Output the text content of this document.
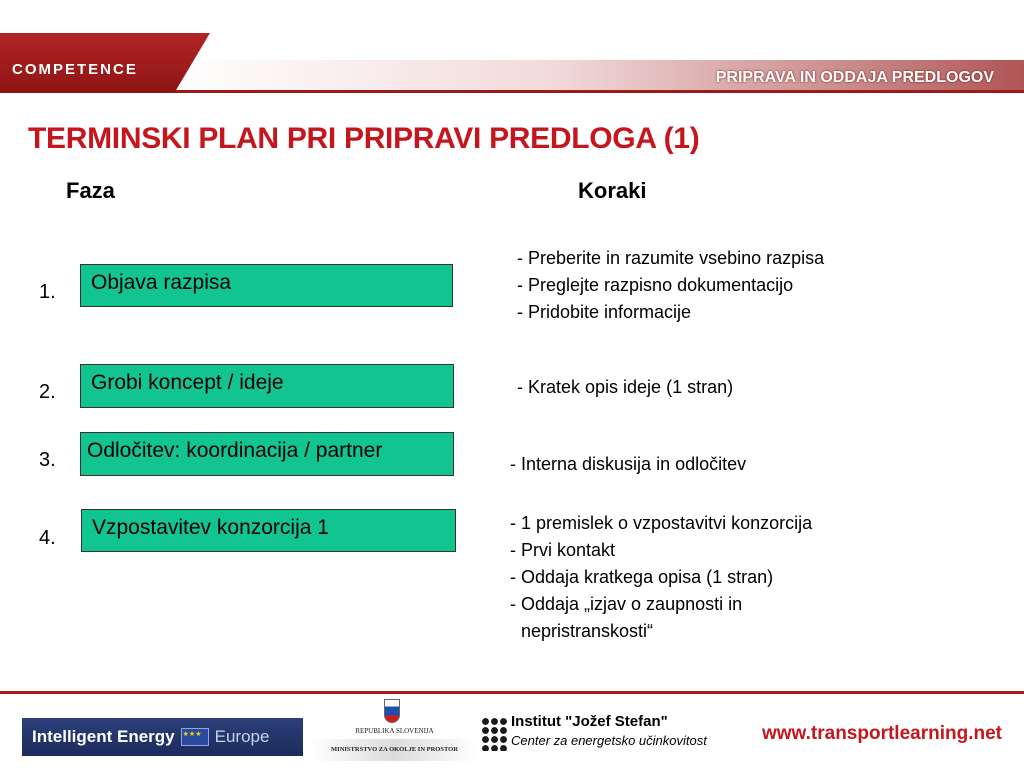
COMPETENCE	PRIPRAVA IN ODDAJA PREDLOGOV
TERMINSKI PLAN PRI PRIPRAVI PREDLOGA (1)
Faza	Koraki
1.	Objava razpisa
- Preberite in razumite vsebino razpisa
- Preglejte razpisno dokumentacijo
- Pridobite informacije
2.	Grobi koncept / ideje	- Kratek opis ideje (1 stran)
3.	Odločitev: koordinacija / partner
- Interna diskusija in odločitev
4.	Vzpostavitev konzorcija 1	- 1 premislek o vzpostavitvi konzorcija
- Prvi kontakt
- Oddaja kratkega opisa (1 stran)
- Oddaja „izjav o zaupnosti in
nepristranskosti“
Intelligent Energy
★★★ Europe	REPUBLIKA SLOVENIJA
MINISTRSTVO ZA OKOLJE IN PROSTOR
Institut "Jožef Stefan"
Center za energetsko učinkovitost	www.transportlearning.net
